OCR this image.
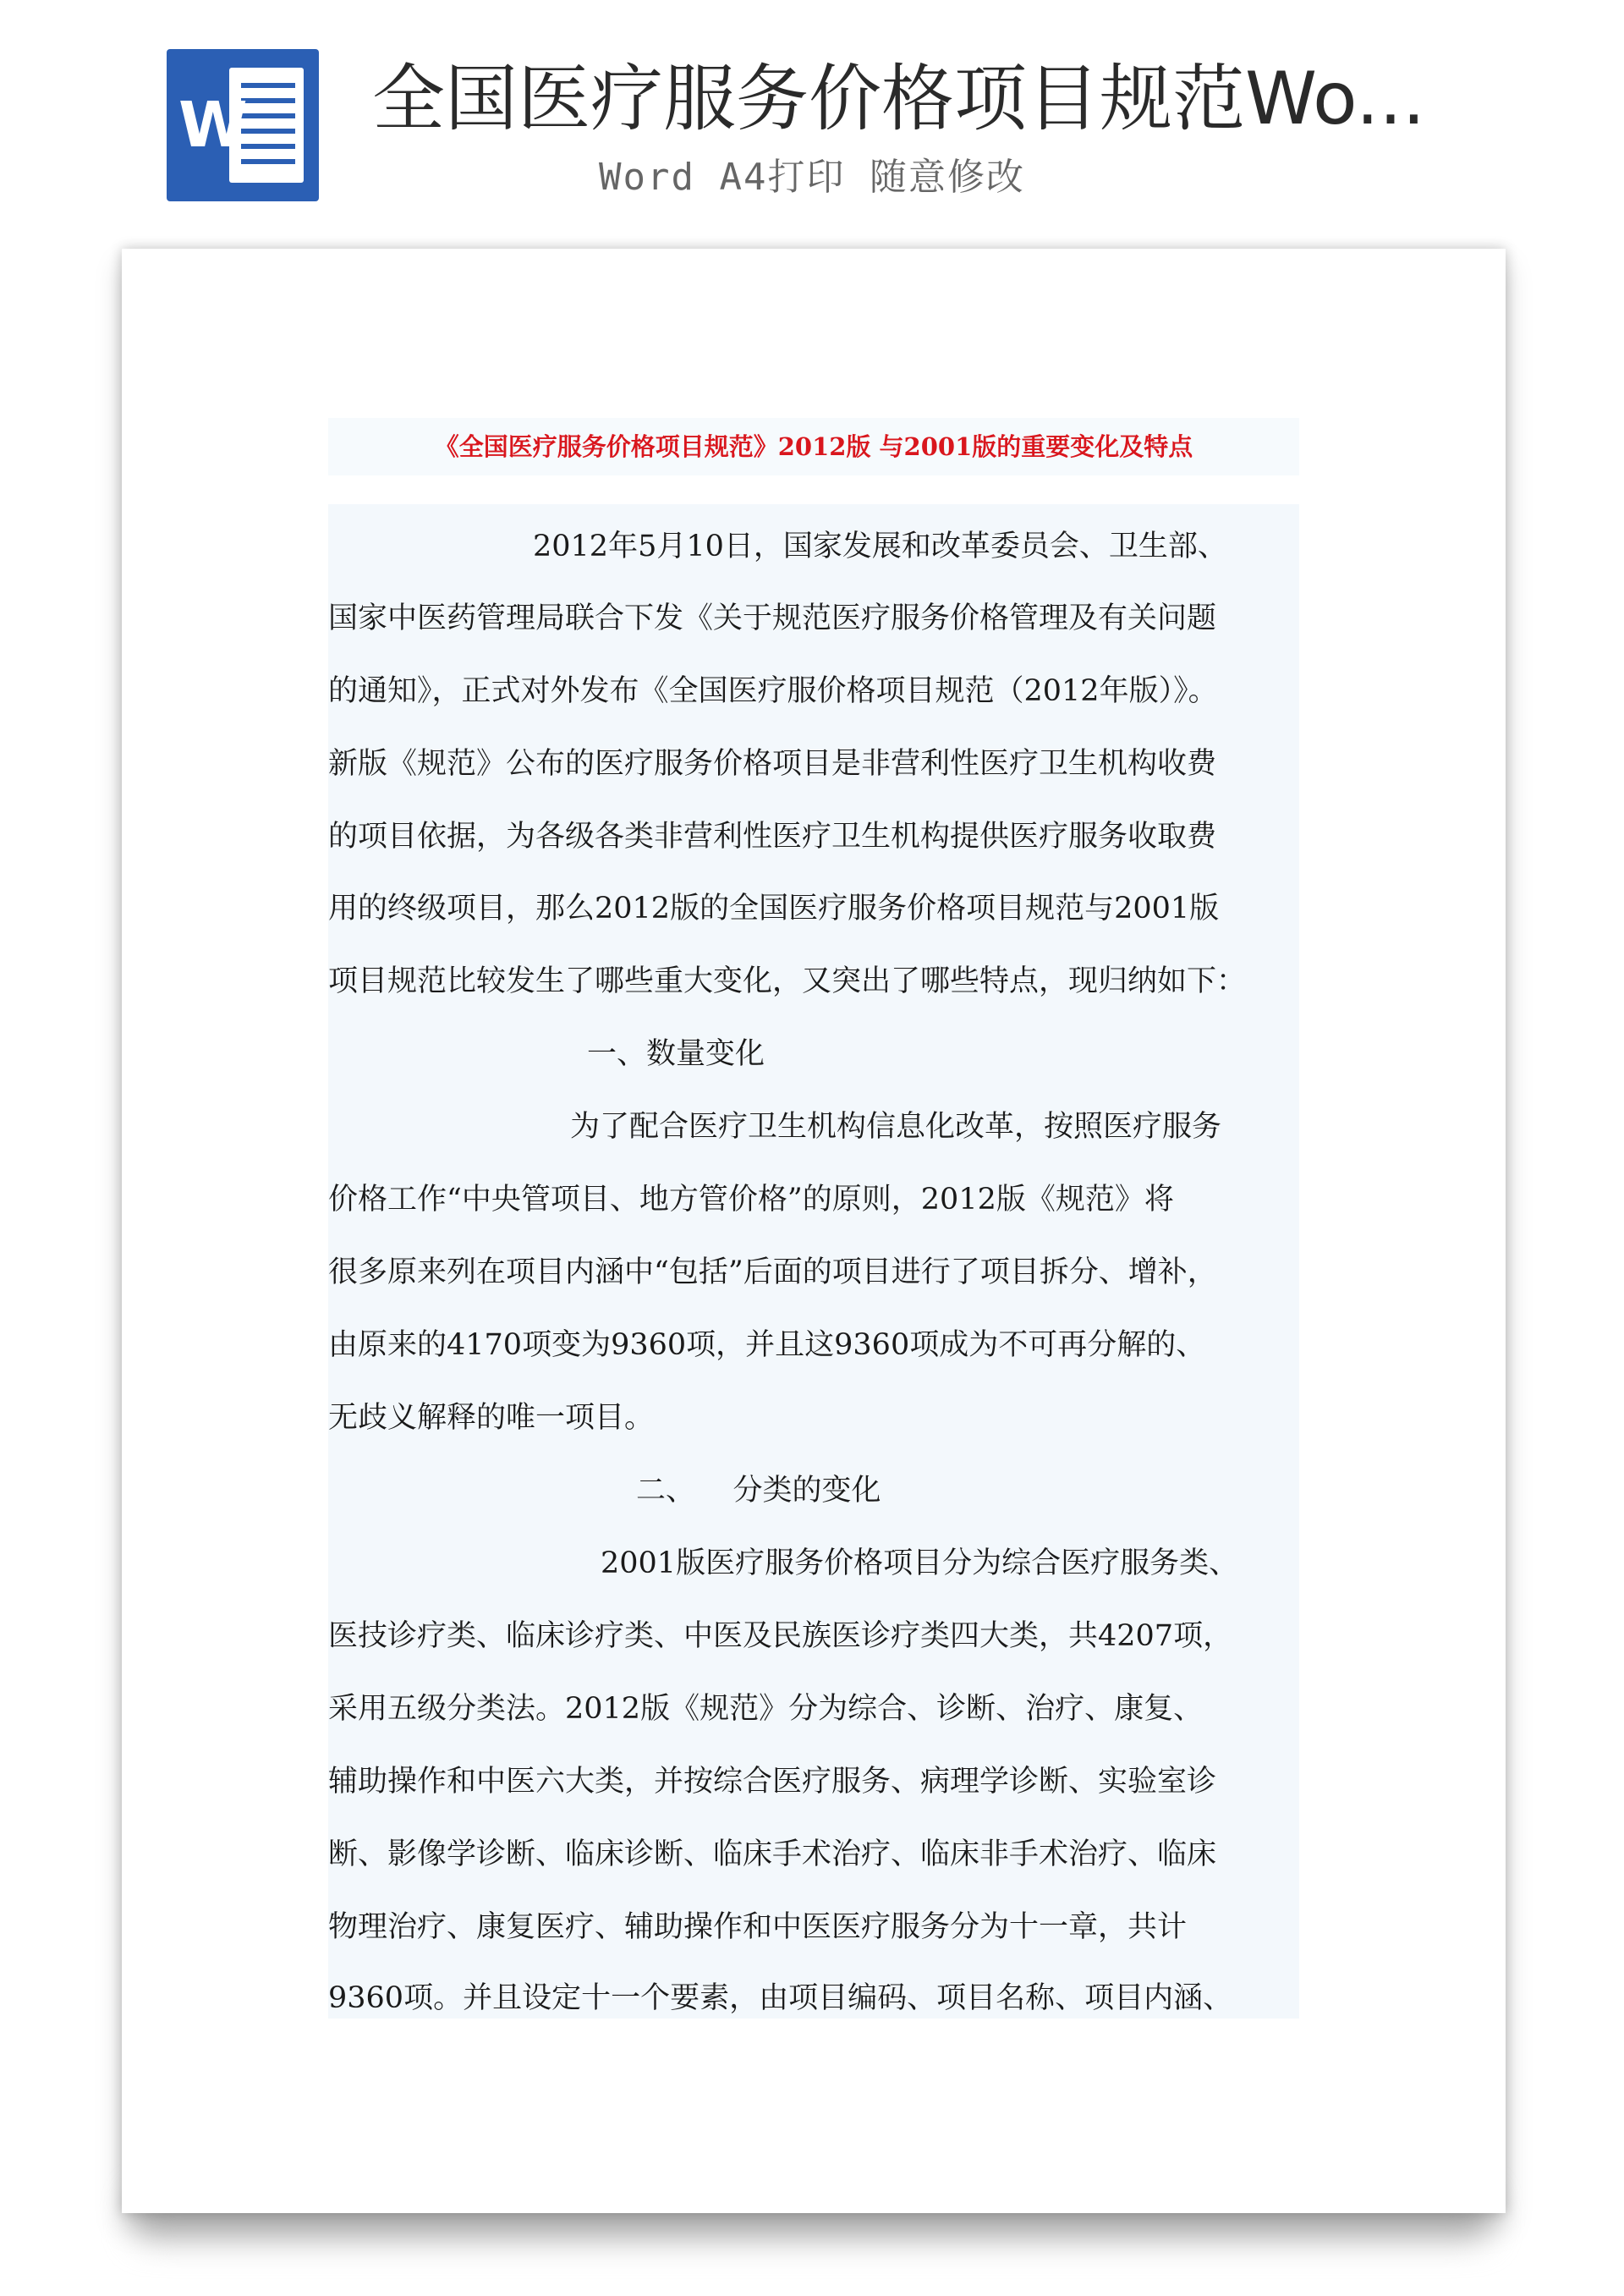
W 全国医疗服务价格项目规范Wo...
Word A4打印 随意修改
《全国医疗服务价格项目规范》2012版 与2001版的重要变化及特点
2012年5月10日，国家发展和改革委员会、卫生部、
国家中医药管理局联合下发《关于规范医疗服务价格管理及有关问题
的通知》，正式对外发布《全国医疗服价格项目规范（2012年版）》。
新版《规范》公布的医疗服务价格项目是非营利性医疗卫生机构收费
的项目依据，为各级各类非营利性医疗卫生机构提供医疗服务收取费
用的终级项目，那么2012版的全国医疗服务价格项目规范与2001版
项目规范比较发生了哪些重大变化，又突出了哪些特点，现归纳如下：
一、数量变化
为了配合医疗卫生机构信息化改革，按照医疗服务
价格工作“中央管项目、地方管价格”的原则，2012版《规范》将
很多原来列在项目内涵中“包括”后面的项目进行了项目拆分、增补，
由原来的4170项变为9360项，并且这9360项成为不可再分解的、
无歧义解释的唯一项目。
二、    分类的变化
2001版医疗服务价格项目分为综合医疗服务类、
医技诊疗类、临床诊疗类、中医及民族医诊疗类四大类，共4207项，
采用五级分类法。2012版《规范》分为综合、诊断、治疗、康复、
辅助操作和中医六大类，并按综合医疗服务、病理学诊断、实验室诊
断、影像学诊断、临床诊断、临床手术治疗、临床非手术治疗、临床
物理治疗、康复医疗、辅助操作和中医医疗服务分为十一章，共计
9360项。并且设定十一个要素，由项目编码、项目名称、项目内涵、
